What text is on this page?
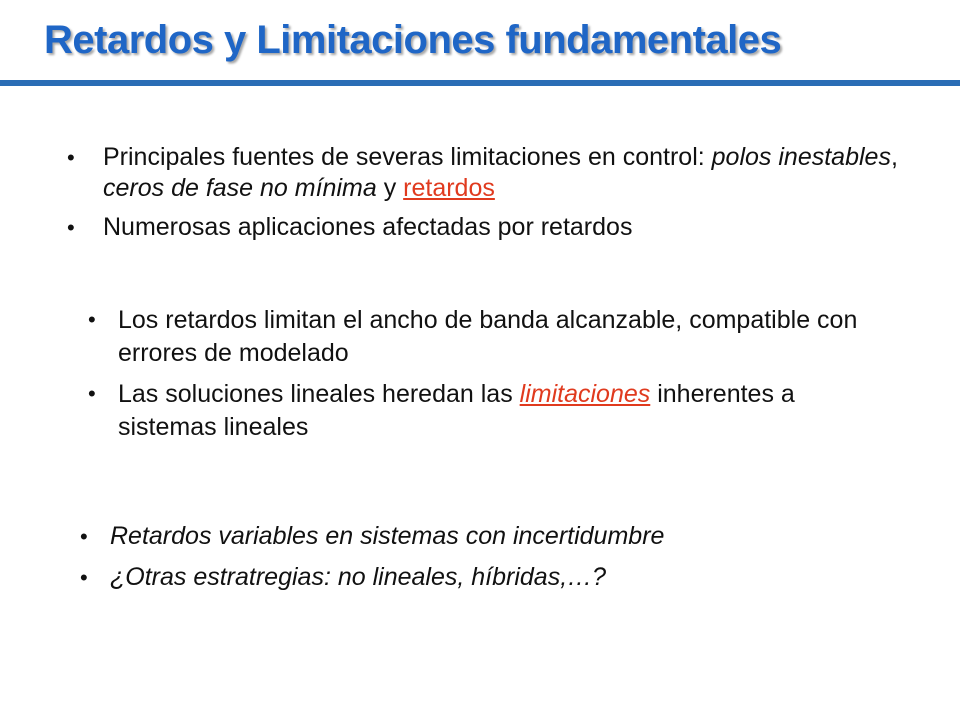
Retardos y Limitaciones fundamentales
• Principales fuentes de severas limitaciones en control: polos inestables, ceros de fase no mínima y retardos
• Numerosas aplicaciones afectadas por retardos
• Los retardos limitan el ancho de banda alcanzable, compatible con errores de modelado
• Las soluciones lineales heredan las limitaciones inherentes a sistemas lineales
• Retardos variables en sistemas con incertidumbre
• ¿Otras estratregias: no lineales, híbridas,…?
